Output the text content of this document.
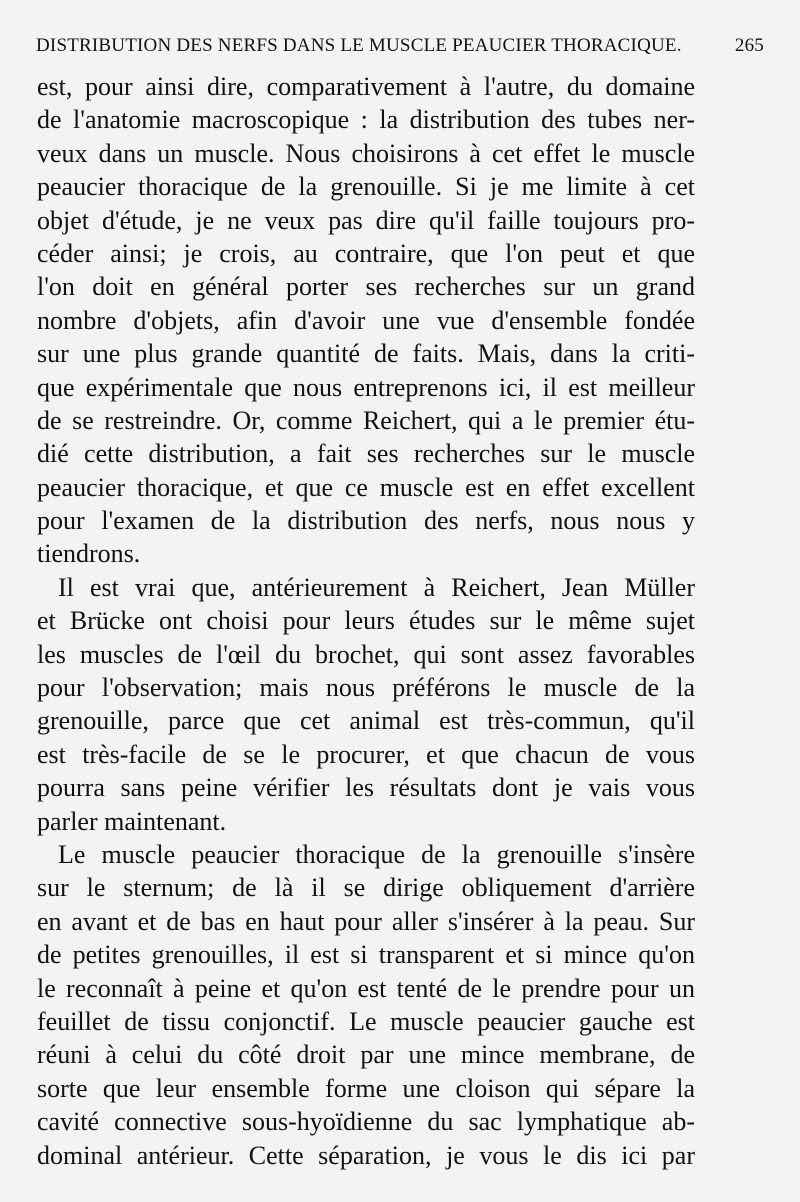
DISTRIBUTION DES NERFS DANS LE MUSCLE PEAUCIER THORACIQUE.	265
est, pour ainsi dire, comparativement à l'autre, du domaine
de l'anatomie macroscopique : la distribution des tubes ner-
veux dans un muscle. Nous choisirons à cet effet le muscle
peaucier thoracique de la grenouille. Si je me limite à cet
objet d'étude, je ne veux pas dire qu'il faille toujours pro-
céder ainsi; je crois, au contraire, que l'on peut et que
l'on doit en général porter ses recherches sur un grand
nombre d'objets, afin d'avoir une vue d'ensemble fondée
sur une plus grande quantité de faits. Mais, dans la criti-
que expérimentale que nous entreprenons ici, il est meilleur
de se restreindre. Or, comme Reichert, qui a le premier étu-
dié cette distribution, a fait ses recherches sur le muscle
peaucier thoracique, et que ce muscle est en effet excellent
pour l'examen de la distribution des nerfs, nous nous y
tiendrons.
Il est vrai que, antérieurement à Reichert, Jean Müller
et Brücke ont choisi pour leurs études sur le même sujet
les muscles de l'œil du brochet, qui sont assez favorables
pour l'observation; mais nous préférons le muscle de la
grenouille, parce que cet animal est très-commun, qu'il
est très-facile de se le procurer, et que chacun de vous
pourra sans peine vérifier les résultats dont je vais vous
parler maintenant.
Le muscle peaucier thoracique de la grenouille s'insère
sur le sternum; de là il se dirige obliquement d'arrière
en avant et de bas en haut pour aller s'insérer à la peau. Sur
de petites grenouilles, il est si transparent et si mince qu'on
le reconnaît à peine et qu'on est tenté de le prendre pour un
feuillet de tissu conjonctif. Le muscle peaucier gauche est
réuni à celui du côté droit par une mince membrane, de
sorte que leur ensemble forme une cloison qui sépare la
cavité connective sous-hyoïdienne du sac lymphatique ab-
dominal antérieur. Cette séparation, je vous le dis ici par
